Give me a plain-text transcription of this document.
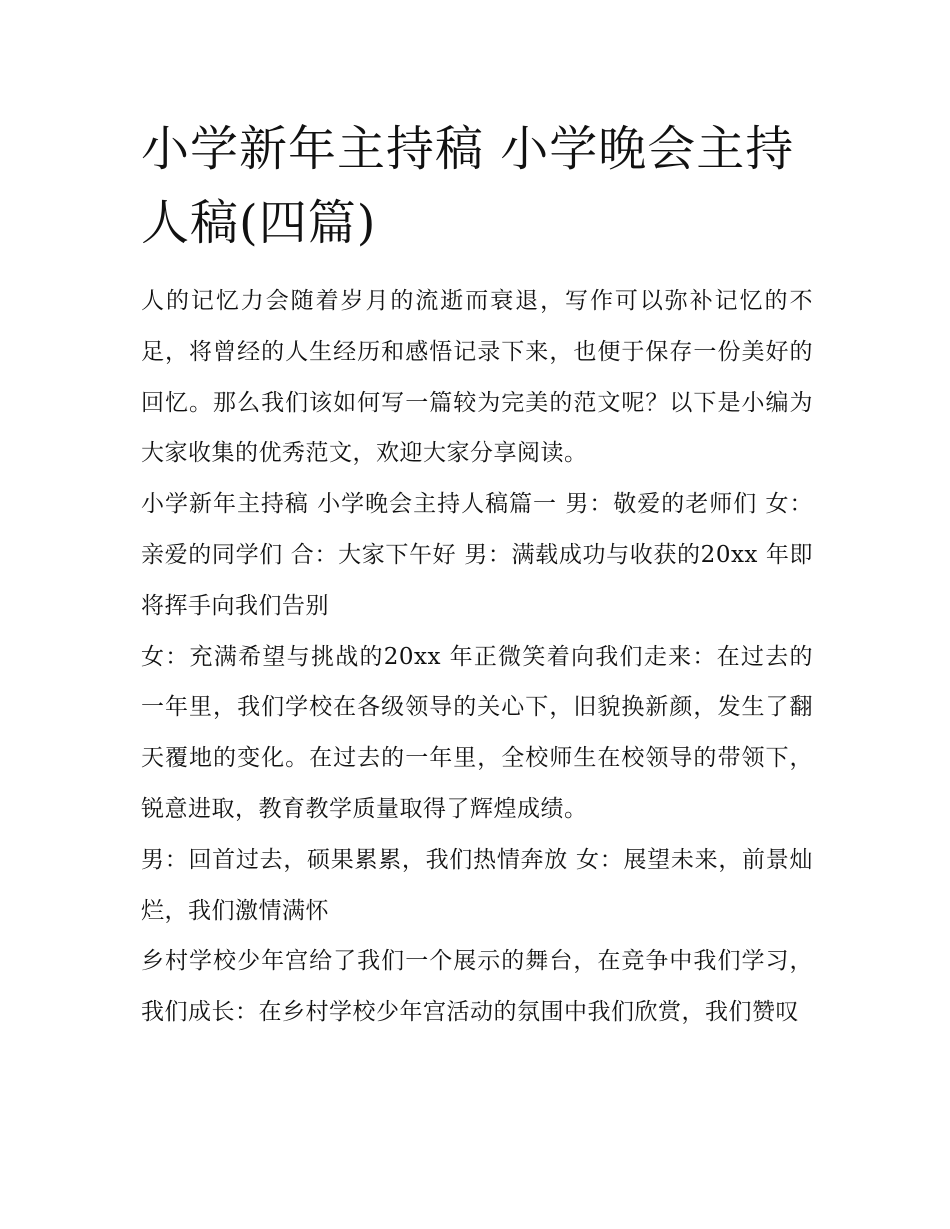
小学新年主持稿 小学晚会主持人稿(四篇)

人的记忆力会随着岁月的流逝而衰退，写作可以弥补记忆的不足，将曾经的人生经历和感悟记录下来，也便于保存一份美好的回忆。那么我们该如何写一篇较为完美的范文呢？以下是小编为大家收集的优秀范文，欢迎大家分享阅读。

小学新年主持稿 小学晚会主持人稿篇一 男：敬爱的老师们 女：亲爱的同学们 合：大家下午好 男：满载成功与收获的20xx 年即将挥手向我们告别

女：充满希望与挑战的20xx 年正微笑着向我们走来：在过去的一年里，我们学校在各级领导的关心下，旧貌换新颜，发生了翻天覆地的变化。在过去的一年里，全校师生在校领导的带领下，锐意进取，教育教学质量取得了辉煌成绩。

男：回首过去，硕果累累，我们热情奔放 女：展望未来，前景灿烂，我们激情满怀

乡村学校少年宫给了我们一个展示的舞台，在竞争中我们学习，我们成长：在乡村学校少年宫活动的氛围中我们欣赏，我们赞叹
